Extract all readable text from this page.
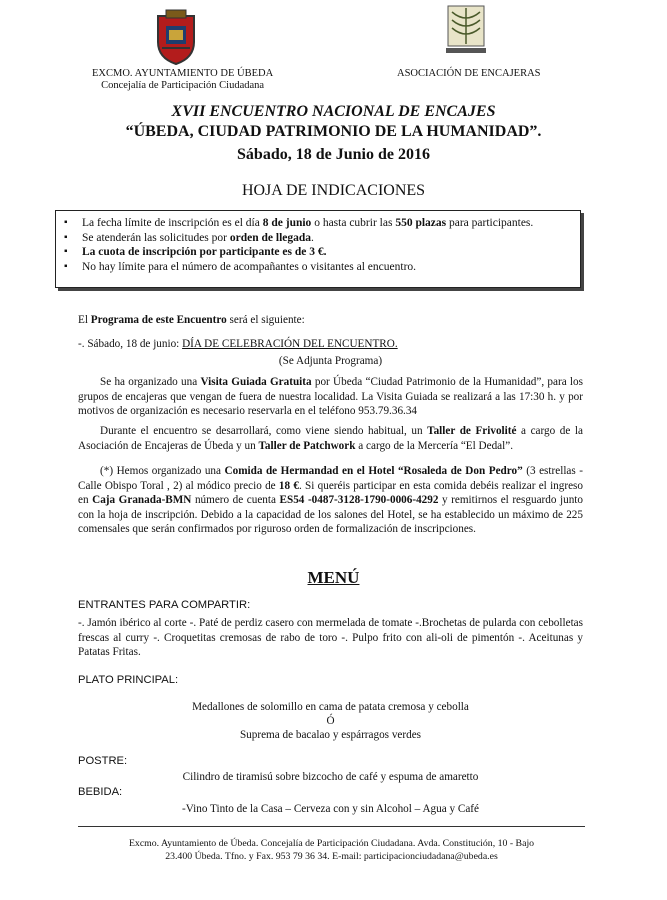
EXCMO. AYUNTAMIENTO DE ÚBEDA
Concejalía de Participación Ciudadana
ASOCIACIÓN DE ENCAJERAS
XVII ENCUENTRO NACIONAL DE ENCAJES
“ÚBEDA, CIUDAD PATRIMONIO DE LA HUMANIDAD”.
Sábado, 18 de Junio de 2016
HOJA DE INDICACIONES
▪ La fecha límite de inscripción es el día 8 de junio o hasta cubrir las 550 plazas para participantes.
▪ Se atenderán las solicitudes por orden de llegada.
▪ La cuota de inscripción por participante es de 3 €.
▪ No hay límite para el número de acompañantes o visitantes al encuentro.
El Programa de este Encuentro será el siguiente:
-. Sábado, 18 de junio: DÍA DE CELEBRACIÓN DEL ENCUENTRO.
(Se Adjunta Programa)
Se ha organizado una Visita Guiada Gratuita por Úbeda “Ciudad Patrimonio de la Humanidad”, para los grupos de encajeras que vengan de fuera de nuestra localidad. La Visita Guiada se realizará a las 17:30 h. y por motivos de organización es necesario reservarla en el teléfono 953.79.36.34
Durante el encuentro se desarrollará, como viene siendo habitual, un Taller de Frivolité a cargo de la Asociación de Encajeras de Úbeda y un Taller de Patchwork a cargo de la Mercería “El Dedal”.
(*) Hemos organizado una Comida de Hermandad en el Hotel “Rosaleda de Don Pedro” (3 estrellas - Calle Obispo Toral , 2) al módico precio de 18 €. Si queréis participar en esta comida debéis realizar el ingreso en Caja Granada-BMN número de cuenta ES54 -0487-3128-1790-0006-4292 y remitirnos el resguardo junto con la hoja de inscripción. Debido a la capacidad de los salones del Hotel, se ha establecido un máximo de 225 comensales que serán confirmados por riguroso orden de formalización de inscripciones.
MENÚ
ENTRANTES PARA COMPARTIR:
-. Jamón ibérico al corte -. Paté de perdiz casero con mermelada de tomate -.Brochetas de pularda con cebolletas frescas al curry -. Croquetitas cremosas de rabo de toro -. Pulpo frito con ali-oli de pimentón -. Aceitunas y Patatas Fritas.
PLATO PRINCIPAL:
Medallones de solomillo en cama de patata cremosa y cebolla
Ó
Suprema de bacalao y espárragos verdes
POSTRE:
Cilindro de tiramisú sobre bizcocho de café y espuma de amaretto
BEBIDA:
-Vino Tinto de la Casa – Cerveza con y sin Alcohol – Agua y Café
Excmo. Ayuntamiento de Úbeda. Concejalía de Participación Ciudadana. Avda. Constitución, 10 - Bajo
23.400 Úbeda. Tfno. y Fax. 953 79 36 34. E-mail: participacionciudadana@ubeda.es
